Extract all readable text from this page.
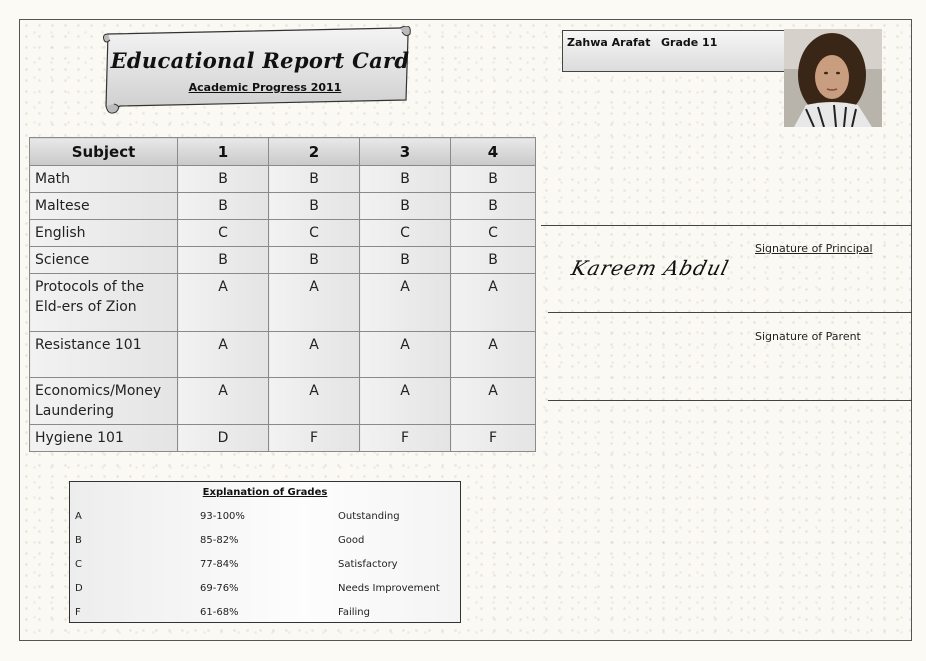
Educational Report Card
Academic Progress 2011
Zahwa Arafat Grade 11
Subject	1	2	3	4
Math	B	B	B	B
Maltese	B	B	B	B
English	C	C	C	C
Science	B	B	B	B
Protocols of the Eld-ers of Zion	A	A	A	A
Resistance 101	A	A	A	A
Economics/Money Laundering	A	A	A	A
Hygiene 101	D	F	F	F
Kareem Abdul
Signature of Principal
Signature of Parent
Explanation of Grades
A	93-100%	Outstanding
B	85-82%	Good
C	77-84%	Satisfactory
D	69-76%	Needs Improvement
F	61-68%	Failing
